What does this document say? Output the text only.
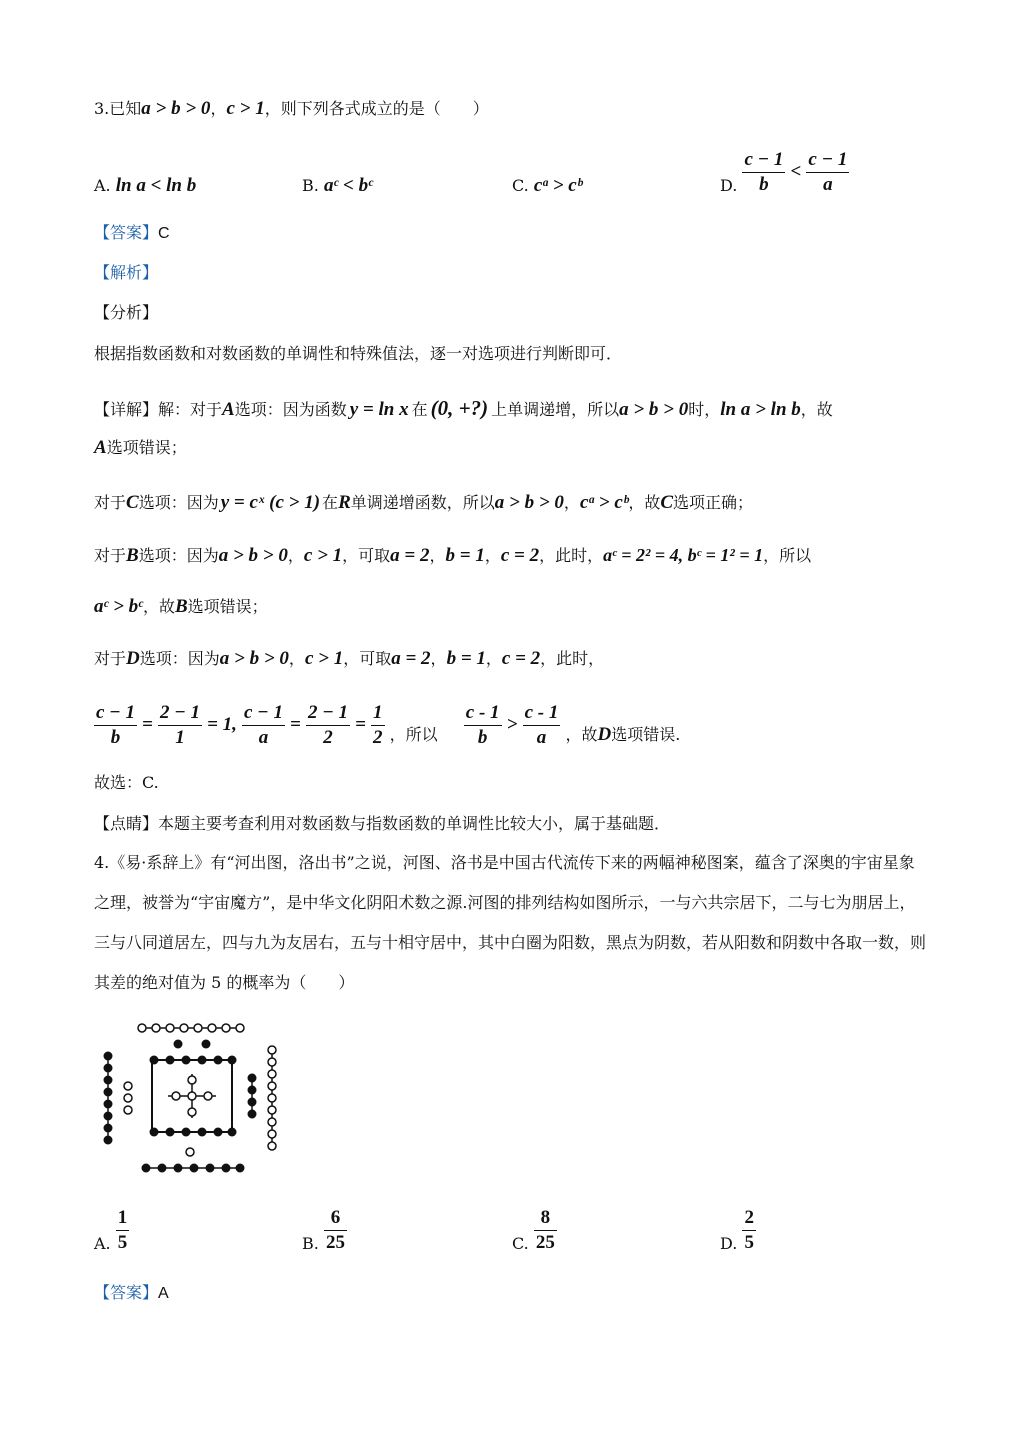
3.已知a > b > 0，c > 1，则下列各式成立的是（　　）
A. ln a < ln b	B. aᶜ < bᶜ	C. cᵃ > cᵇ	D. $\frac{c - 1}{b} < \frac{c - 1}{a}$
【答案】C
【解析】
【分析】
根据指数函数和对数函数的单调性和特殊值法，逐一对选项进行判断即可．
【详解】解：对于A选项：因为函数 y = ln x 在 (0, +?) 上单调递增，所以a > b > 0时，ln a > ln b，故
A选项错误；
对于C选项：因为 y = cˣ (c > 1) 在R单调递增函数，所以a > b > 0，cᵃ > cᵇ，故C选项正确；
对于B选项：因为a > b > 0，c > 1，可取a = 2，b = 1，c = 2，此时，aᶜ = 2² = 4, bᶜ = 1² = 1，所以
aᶜ > bᶜ，故B选项错误；
对于D选项：因为a > b > 0，c > 1，可取a = 2，b = 1，c = 2，此时，
$\frac{c - 1}{b} = \frac{2 - 1}{1} = 1$, $\frac{c - 1}{a} = \frac{2 - 1}{2} = \frac{1}{2}$ ，所以 $\frac{c - 1}{b} > \frac{c - 1}{a}$ ，故D选项错误.
故选：C.
【点睛】本题主要考查利用对数函数与指数函数的单调性比较大小，属于基础题．
4.《易·系辞上》有“河出图，洛出书”之说，河图、洛书是中国古代流传下来的两幅神秘图案，蕴含了深奥的宇宙星象之理，被誉为“宇宙魔方”，是中华文化阴阳术数之源.河图的排列结构如图所示，一与六共宗居下，二与七为朋居上，三与八同道居左，四与九为友居右，五与十相守居中，其中白圈为阳数，黑点为阴数，若从阳数和阴数中各取一数，则其差的绝对值为 5 的概率为（　　）
A. $\frac{1}{5}$	B. $\frac{6}{25}$	C. $\frac{8}{25}$	D. $\frac{2}{5}$
【答案】A
